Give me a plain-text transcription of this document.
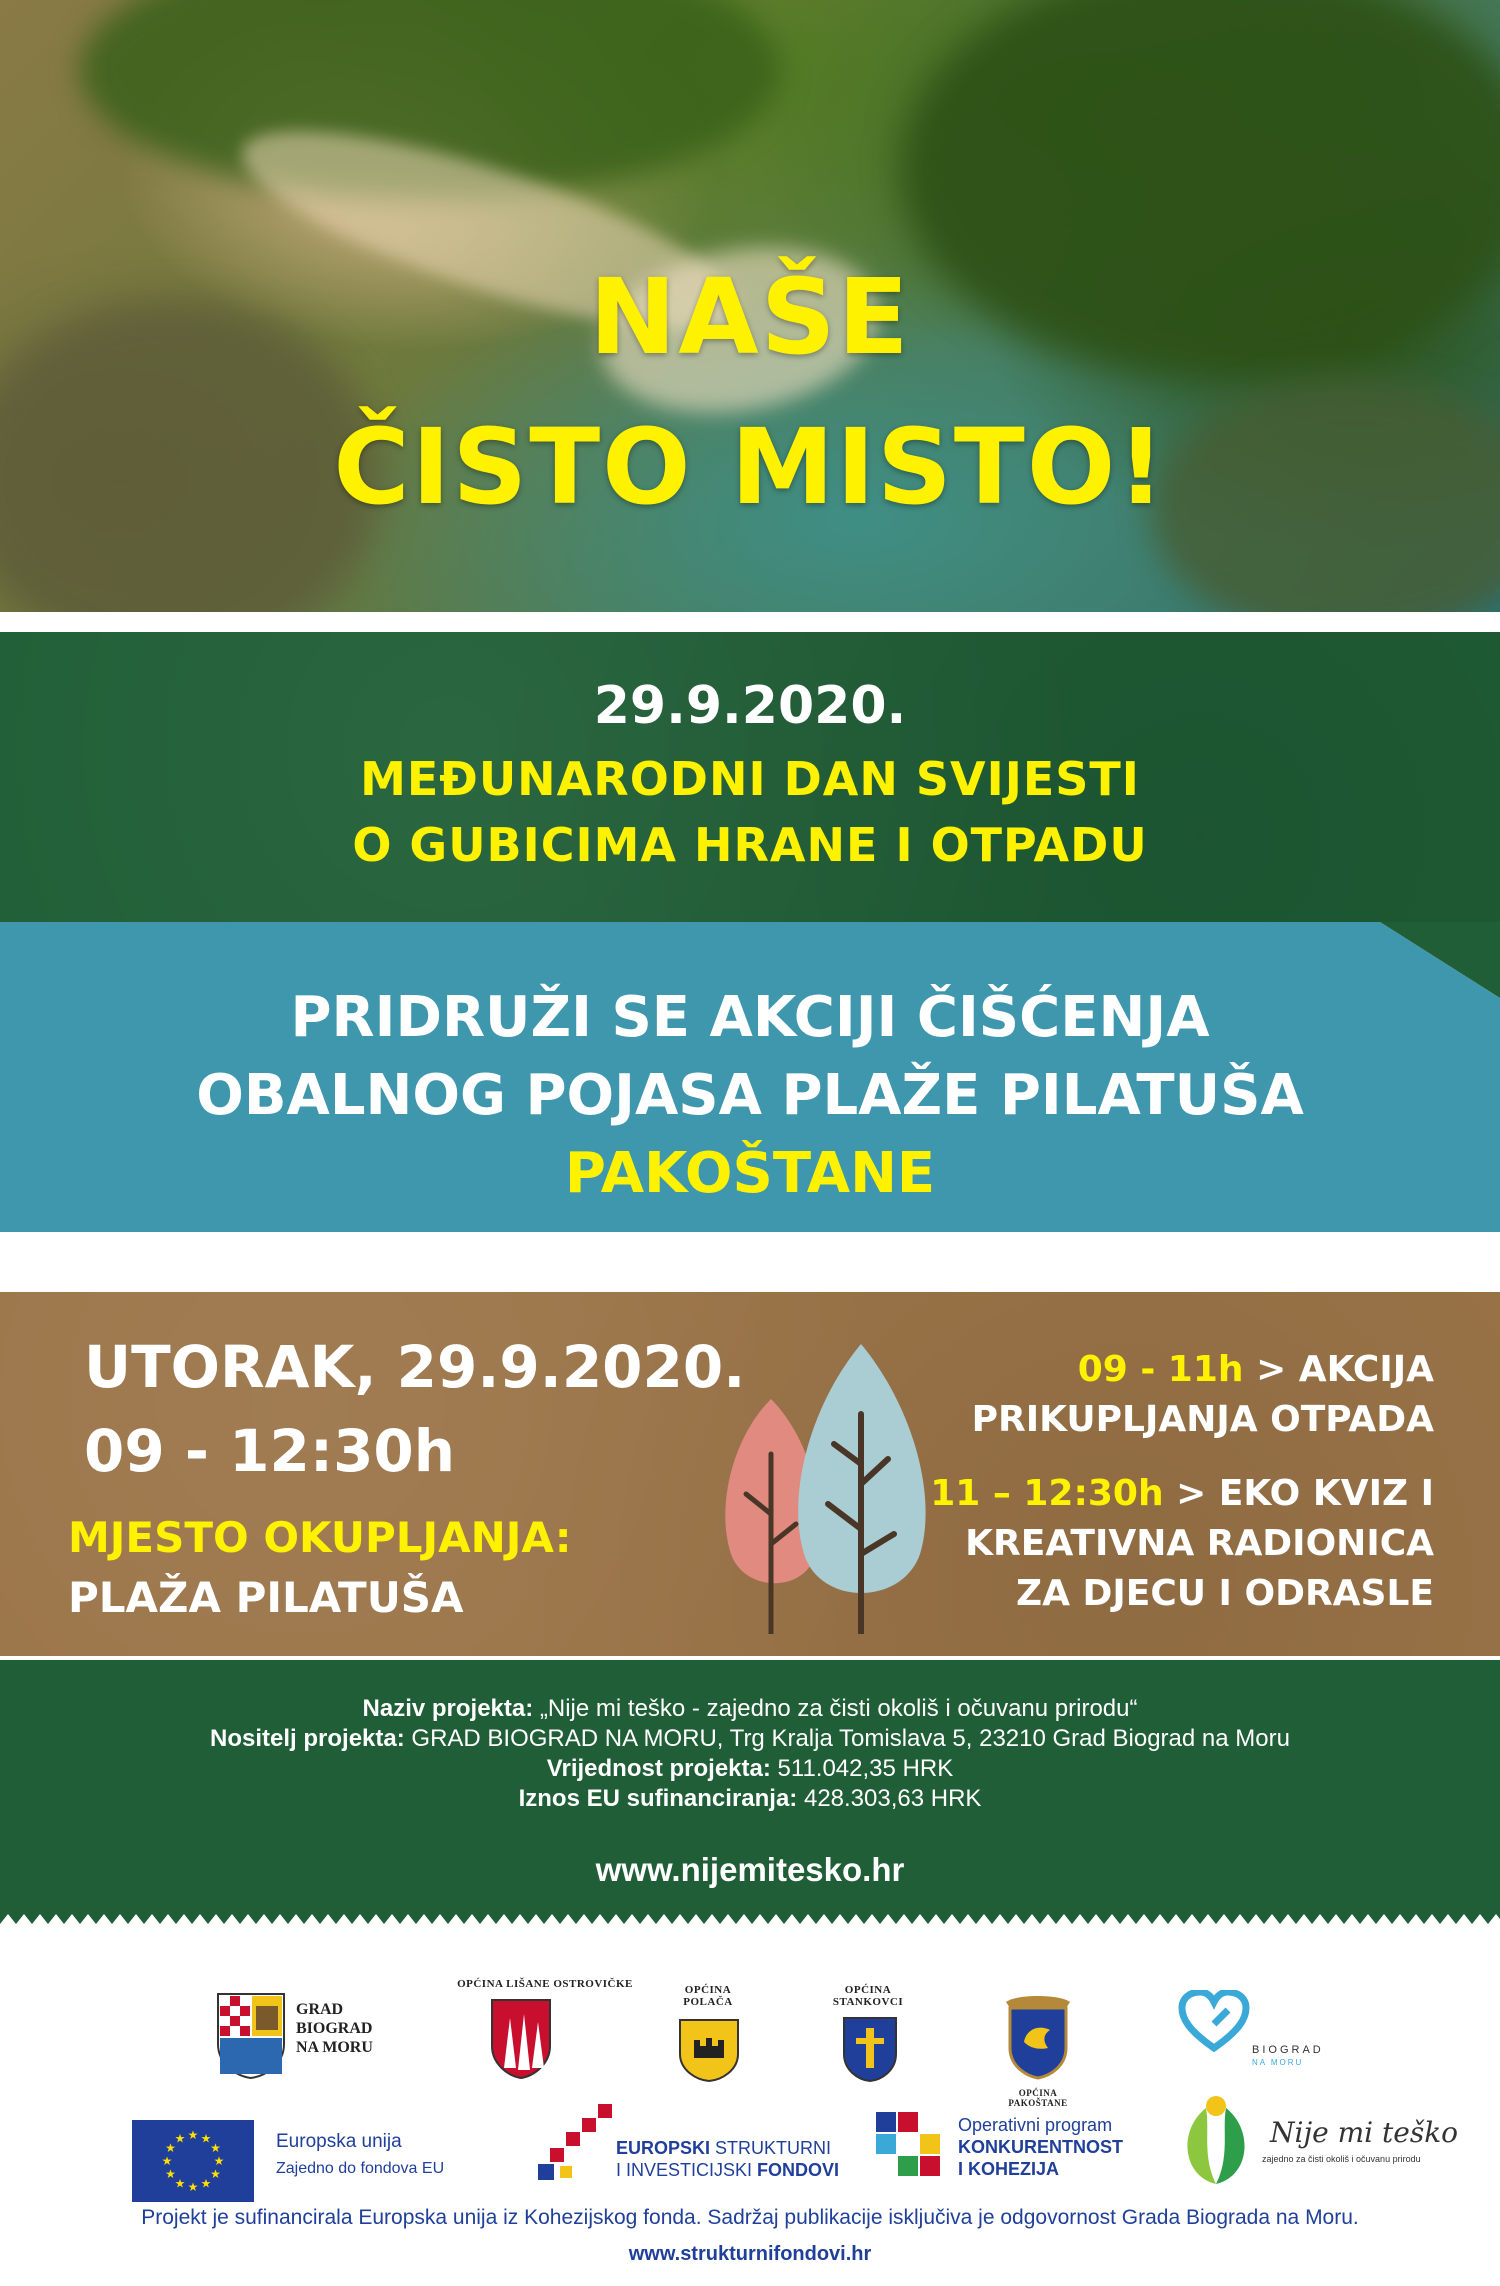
NAŠE
ČISTO MISTO!
29.9.2020.
MEĐUNARODNI DAN SVIJESTI
O GUBICIMA HRANE I OTPADU
PRIDRUŽI SE AKCIJI ČIŠĆENJA
OBALNOG POJASA PLAŽE PILATUŠA
PAKOŠTANE
UTORAK, 29.9.2020.
09 - 12:30h
MJESTO OKUPLJANJA:
PLAŽA PILATUŠA
09 - 11h > AKCIJA
PRIKUPLJANJA OTPADA
11 – 12:30h > EKO KVIZ I
KREATIVNA RADIONICA
ZA DJECU I ODRASLE
Naziv projekta: „Nije mi teško - zajedno za čisti okoliš i očuvanu prirodu“
Nositelj projekta: GRAD BIOGRAD NA MORU, Trg Kralja Tomislava 5, 23210 Grad Biograd na Moru
Vrijednost projekta: 511.042,35 HRK
Iznos EU sufinanciranja: 428.303,63 HRK
www.nijemitesko.hr
GRAD
BIOGRAD
NA MORU
OPĆINA LIŠANE OSTROVIČKE	OPĆINA
POLAČA
OPĆINA
STANKOVCI
OPĆINA PAKOŠTANE
BIOGRAD
NA MORU
★
★
★
★
★
★
★
★
★ ★ ★
★	Europska unija
Zajedno do fondova EU
EUROPSKI STRUKTURNI
I INVESTICIJSKI FONDOVI
Operativni program
KONKURENTNOST
I KOHEZIJA
Nije mi teško
zajedno za čisti okoliš i očuvanu prirodu
Projekt je sufinancirala Europska unija iz Kohezijskog fonda. Sadržaj publikacije isključiva je odgovornost Grada Biograda na Moru.
www.strukturnifondovi.hr
